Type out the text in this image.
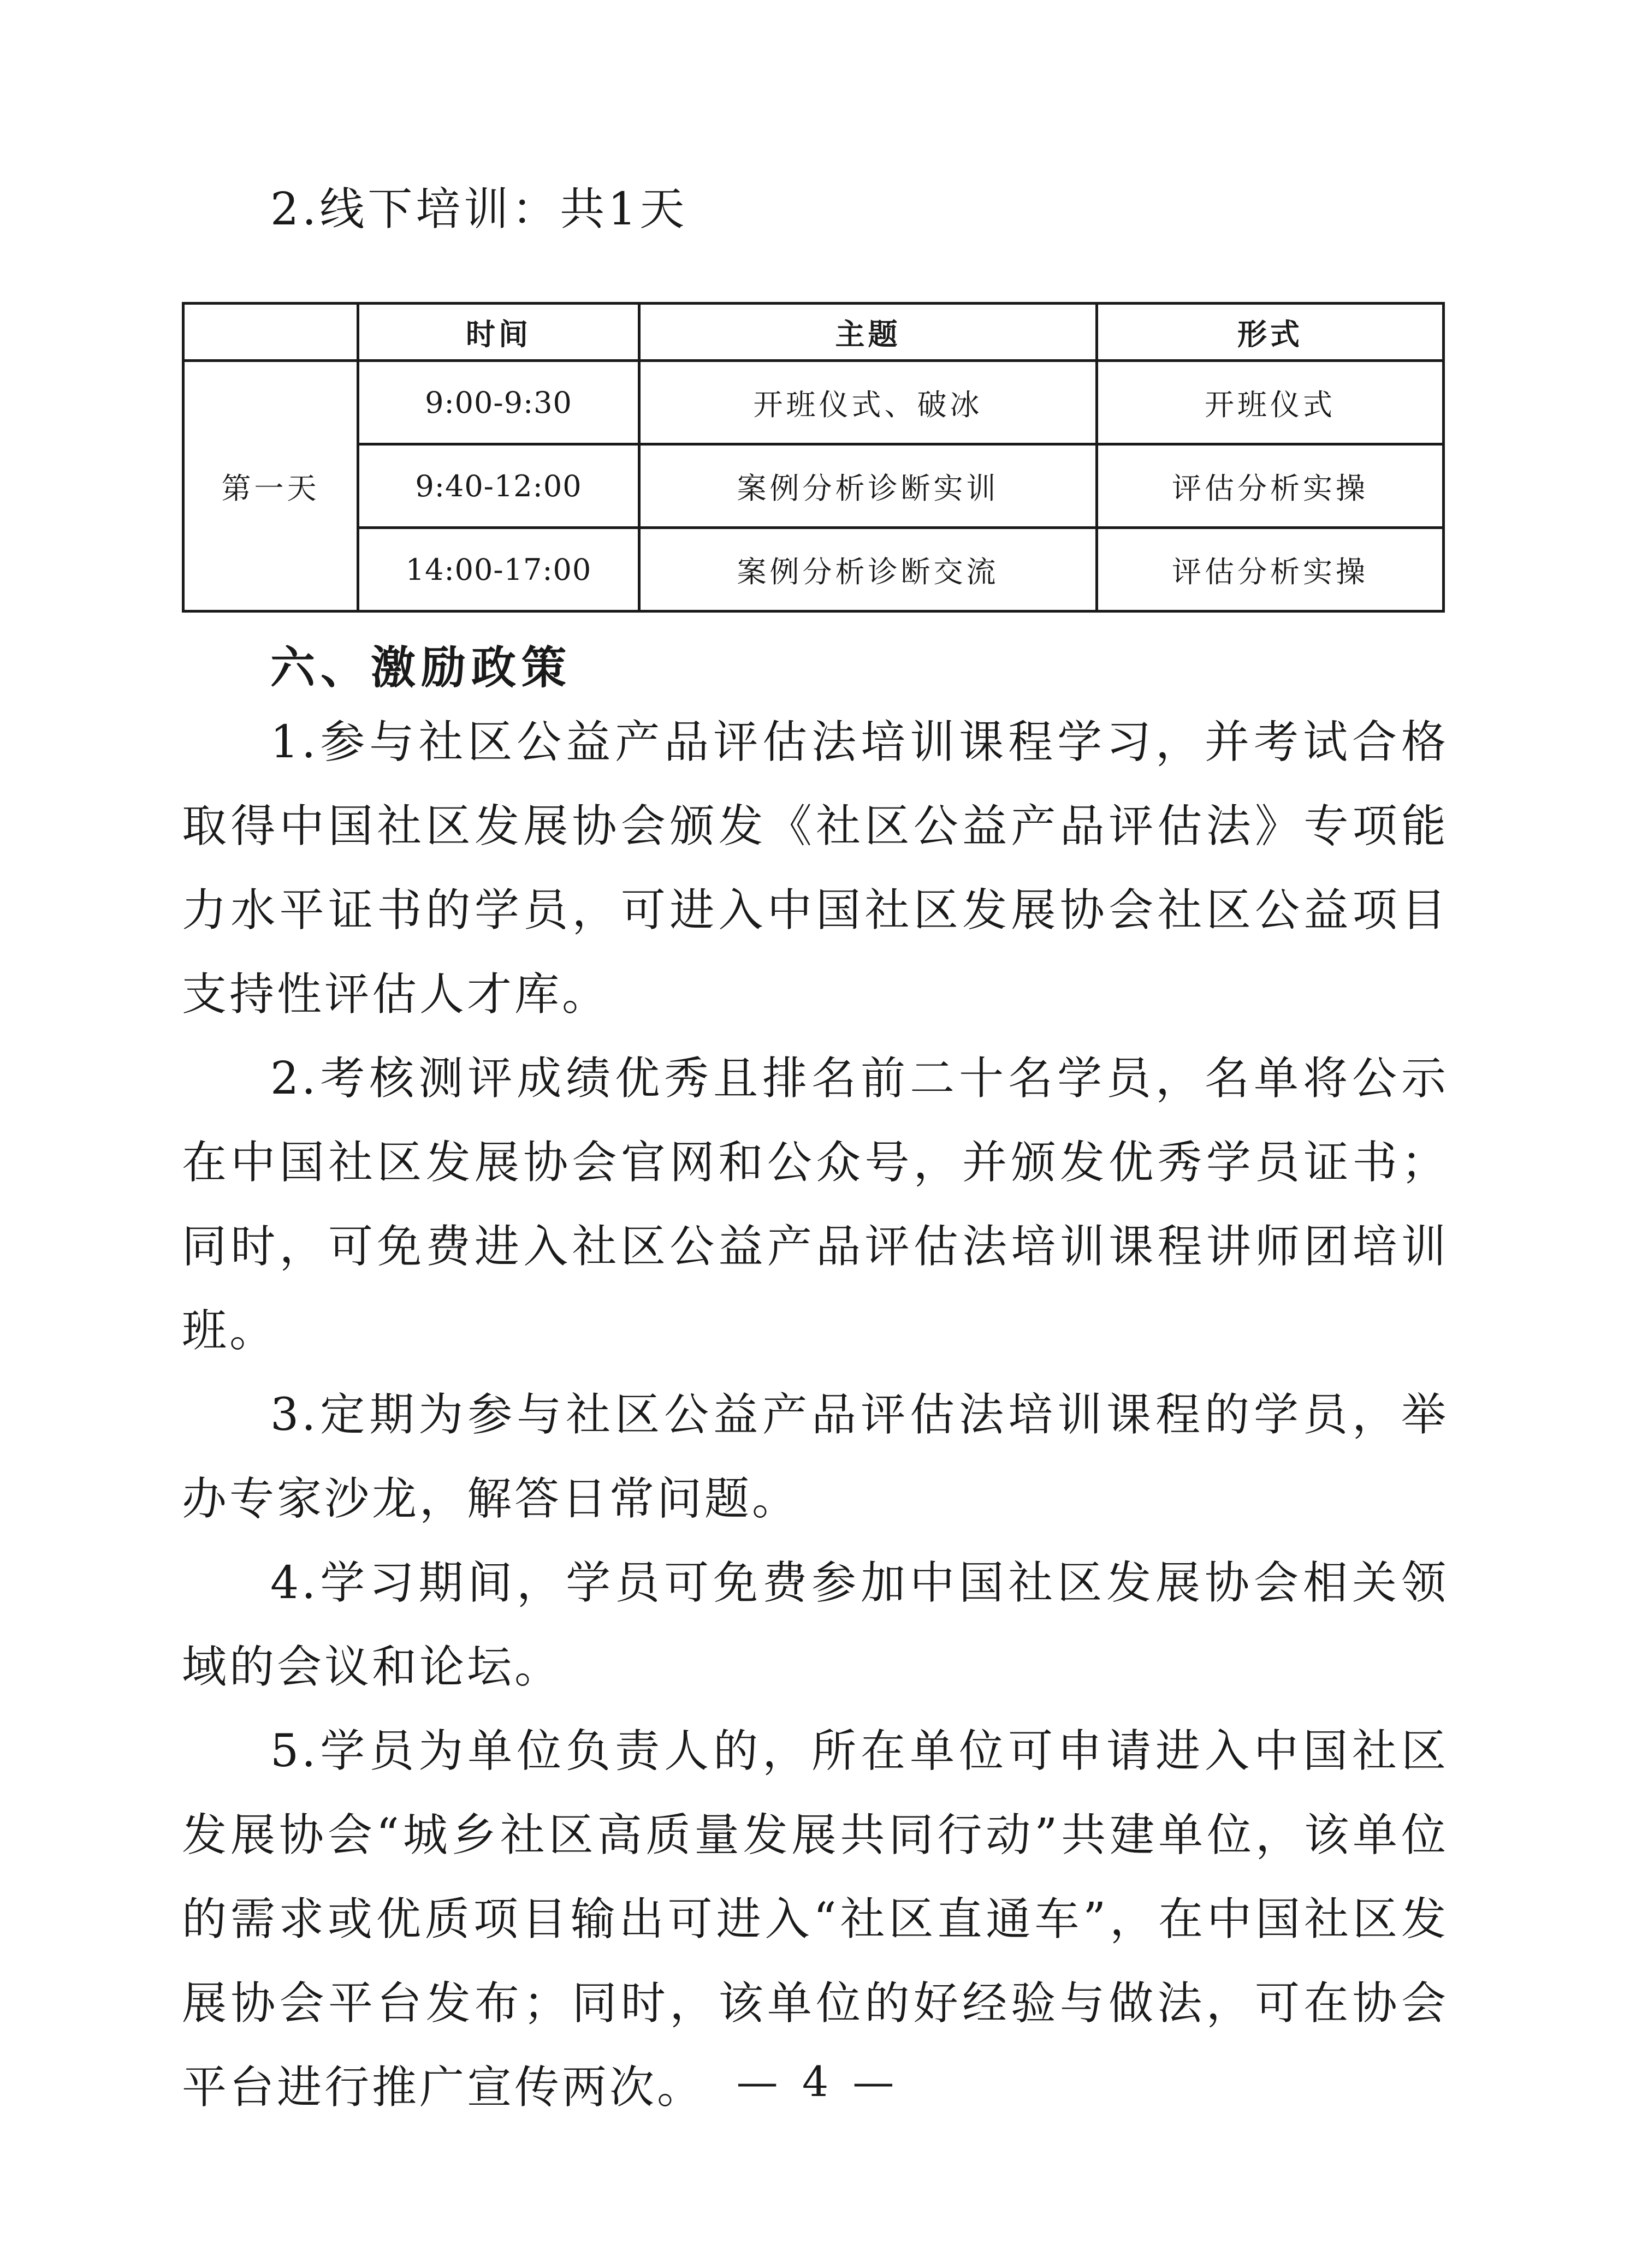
2.线下培训：共1天
	时间	主题	形式
第一天	9:00-9:30	开班仪式、破冰	开班仪式
	9:40-12:00	案例分析诊断实训	评估分析实操
	14:00-17:00	案例分析诊断交流	评估分析实操
六、激励政策

1.参与社区公益产品评估法培训课程学习，并考试合格取得中国社区发展协会颁发《社区公益产品评估法》专项能力水平证书的学员，可进入中国社区发展协会社区公益项目支持性评估人才库。

2.考核测评成绩优秀且排名前二十名学员，名单将公示在中国社区发展协会官网和公众号，并颁发优秀学员证书；同时，可免费进入社区公益产品评估法培训课程讲师团培训班。

3.定期为参与社区公益产品评估法培训课程的学员，举办专家沙龙，解答日常问题。

4.学习期间，学员可免费参加中国社区发展协会相关领域的会议和论坛。

5.学员为单位负责人的，所在单位可申请进入中国社区发展协会“城乡社区高质量发展共同行动”共建单位，该单位的需求或优质项目输出可进入“社区直通车”，在中国社区发展协会平台发布；同时，该单位的好经验与做法，可在协会平台进行推广宣传两次。 — 4 —
